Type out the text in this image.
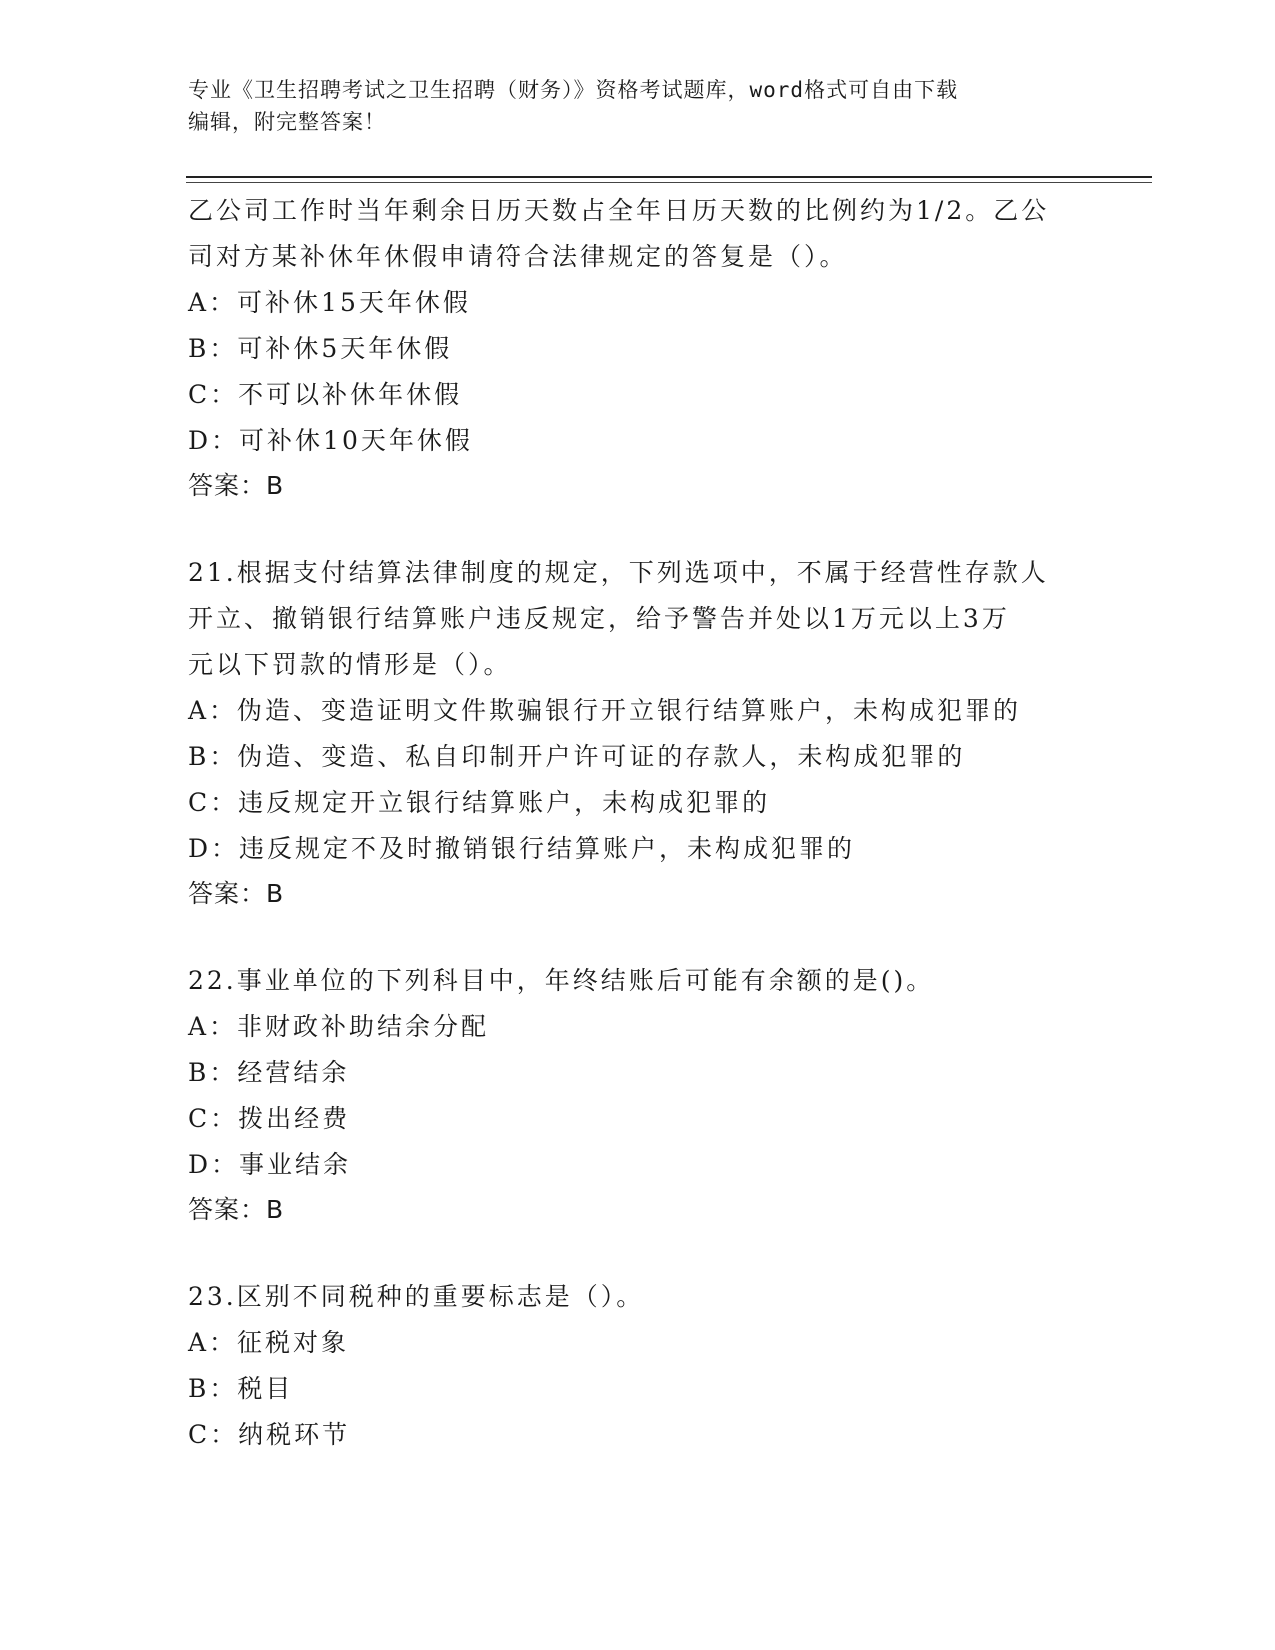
专业《卫生招聘考试之卫生招聘（财务）》资格考试题库，word格式可自由下载
编辑，附完整答案！
乙公司工作时当年剩余日历天数占全年日历天数的比例约为1/2。乙公
司对方某补休年休假申请符合法律规定的答复是（）。
A：可补休15天年休假
B：可补休5天年休假
C：不可以补休年休假
D：可补休10天年休假
答案：B
21.根据支付结算法律制度的规定，下列选项中，不属于经营性存款人
开立、撤销银行结算账户违反规定，给予警告并处以1万元以上3万
元以下罚款的情形是（）。
A：伪造、变造证明文件欺骗银行开立银行结算账户，未构成犯罪的
B：伪造、变造、私自印制开户许可证的存款人，未构成犯罪的
C：违反规定开立银行结算账户，未构成犯罪的
D：违反规定不及时撤销银行结算账户，未构成犯罪的
答案：B
22.事业单位的下列科目中，年终结账后可能有余额的是()。
A：非财政补助结余分配
B：经营结余
C：拨出经费
D：事业结余
答案：B
23.区别不同税种的重要标志是（）。
A：征税对象
B：税目
C：纳税环节
